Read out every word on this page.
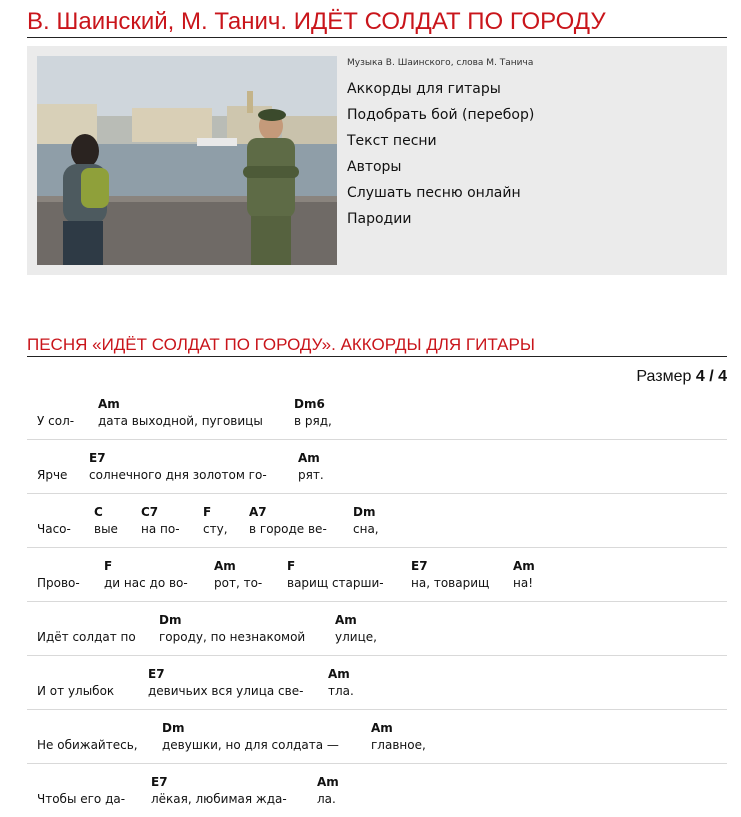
В. Шаинский, М. Танич. ИДЁТ СОЛДАТ ПО ГОРОДУ
Музыка В. Шаинского, слова М. Танича
Аккорды для гитары
Подобрать бой (перебор)
Текст песни
Авторы
Слушать песню онлайн
Пародии
ПЕСНЯ «ИДЁТ СОЛДАТ ПО ГОРОДУ». АККОРДЫ ДЛЯ ГИТАРЫ
Размер 4 / 4
У сол-
Am
дата выходной, пуговицы
Dm6
в ряд,
Ярче
E7
солнечного дня золотом го-
Am
рят.
Часо-
C
вые
C7
на по-
F
сту,
A7
в городе ве-
Dm
сна,
Прово-
F
ди нас до во-
Am
рот, то-
F
варищ старши-
E7
на, товарищ
Am
на!
Идёт солдат по
Dm
городу, по незнакомой
Am
улице,
И от улыбок
E7
девичьих вся улица све-
Am
тла.
Не обижайтесь,
Dm
девушки, но для солдата —
Am
главное,
Чтобы его да-
E7
лёкая, любимая жда-
Am
ла.
